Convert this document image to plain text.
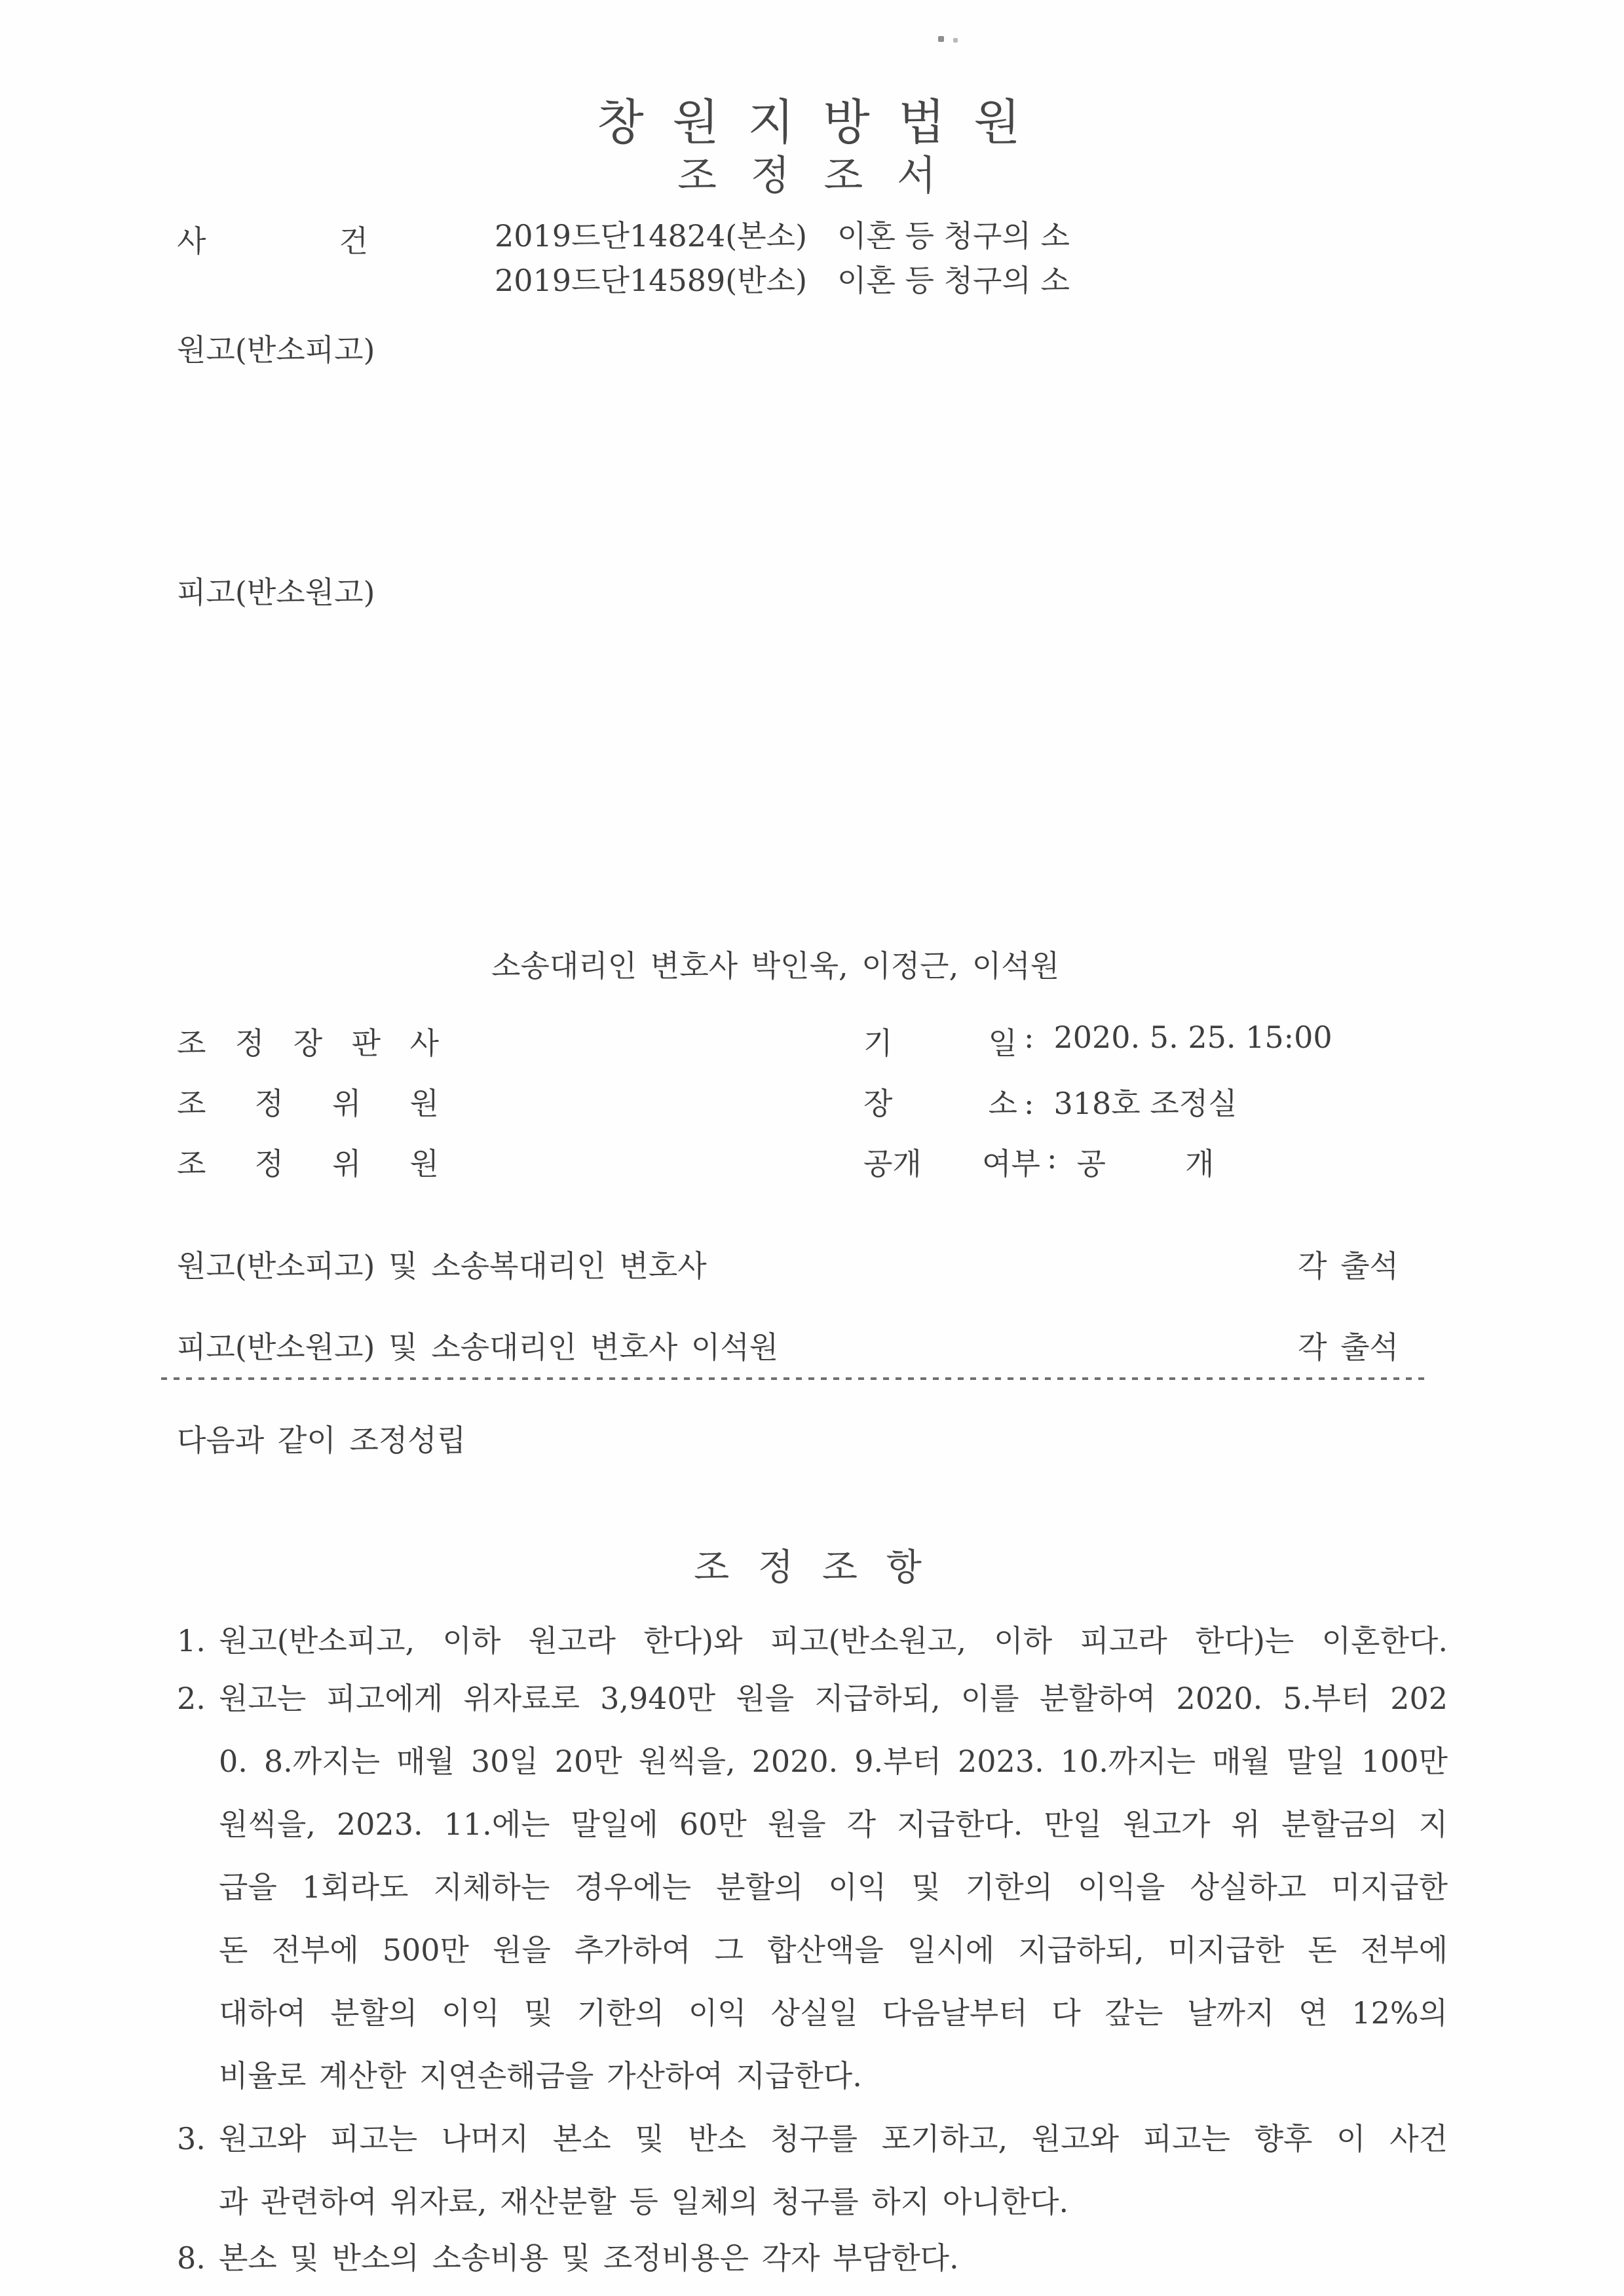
창 원 지 방 법 원
조 정 조 서
사 건	2019드단14824(본소) 이혼 등 청구의 소
2019드단14589(반소) 이혼 등 청구의 소
원고(반소피고)
피고(반소원고)
소송대리인 변호사 박인욱, 이정근, 이석원
조 정 장 판 사	기 일 : 2020. 5. 25. 15:00
조 정 위 원	장 소 : 318호 조정실
조 정 위 원	공개 여부 : 공 개
원고(반소피고) 및 소송복대리인 변호사	각 출석
피고(반소원고) 및 소송대리인 변호사 이석원	각 출석
다음과 같이 조정성립
조 정 조 항
1. 원고(반소피고, 이하 원고라 한다)와 피고(반소원고, 이하 피고라 한다)는 이혼한다.
2. 원고는 피고에게 위자료로 3,940만 원을 지급하되, 이를 분할하여 2020. 5.부터 202
0. 8.까지는 매월 30일 20만 원씩을, 2020. 9.부터 2023. 10.까지는 매월 말일 100만
원씩을, 2023. 11.에는 말일에 60만 원을 각 지급한다. 만일 원고가 위 분할금의 지
급을 1회라도 지체하는 경우에는 분할의 이익 및 기한의 이익을 상실하고 미지급한
돈 전부에 500만 원을 추가하여 그 합산액을 일시에 지급하되, 미지급한 돈 전부에
대하여 분할의 이익 및 기한의 이익 상실일 다음날부터 다 갚는 날까지 연 12%의
비율로 계산한 지연손해금을 가산하여 지급한다.
3. 원고와 피고는 나머지 본소 및 반소 청구를 포기하고, 원고와 피고는 향후 이 사건
과 관련하여 위자료, 재산분할 등 일체의 청구를 하지 아니한다.
8. 본소 및 반소의 소송비용 및 조정비용은 각자 부담한다.
